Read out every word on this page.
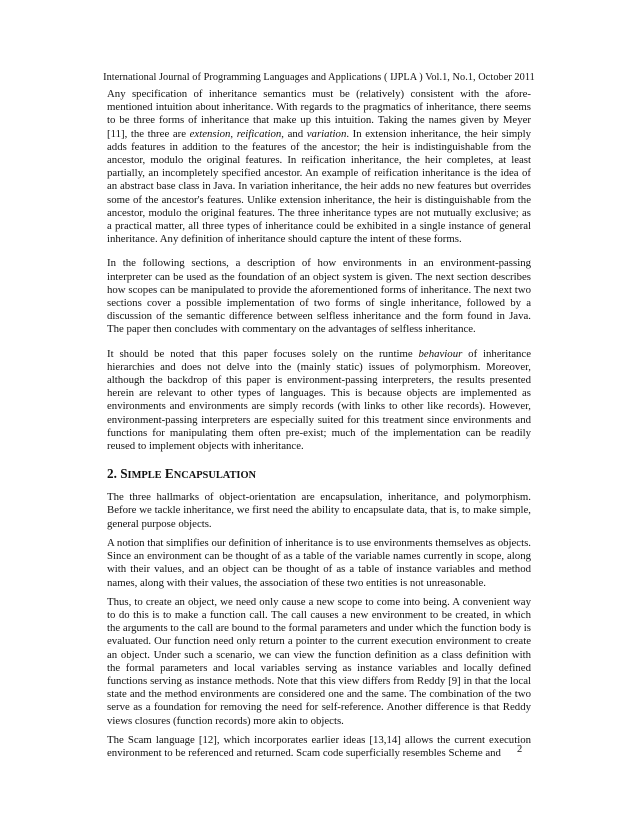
International Journal of Programming Languages and Applications ( IJPLA ) Vol.1, No.1, October 2011

Any specification of inheritance semantics must be (relatively) consistent with the afore-mentioned intuition about inheritance. With regards to the pragmatics of inheritance, there seems to be three forms of inheritance that make up this intuition. Taking the names given by Meyer [11], the three are extension, reification, and variation. In extension inheritance, the heir simply adds features in addition to the features of the ancestor; the heir is indistinguishable from the ancestor, modulo the original features. In reification inheritance, the heir completes, at least partially, an incompletely specified ancestor. An example of reification inheritance is the idea of an abstract base class in Java. In variation inheritance, the heir adds no new features but overrides some of the ancestor's features. Unlike extension inheritance, the heir is distinguishable from the ancestor, modulo the original features. The three inheritance types are not mutually exclusive; as a practical matter, all three types of inheritance could be exhibited in a single instance of general inheritance. Any definition of inheritance should capture the intent of these forms.

In the following sections, a description of how environments in an environment-passing interpreter can be used as the foundation of an object system is given. The next section describes how scopes can be manipulated to provide the aforementioned forms of inheritance. The next two sections cover a possible implementation of two forms of single inheritance, followed by a discussion of the semantic difference between selfless inheritance and the form found in Java. The paper then concludes with commentary on the advantages of selfless inheritance.

It should be noted that this paper focuses solely on the runtime behaviour of inheritance hierarchies and does not delve into the (mainly static) issues of polymorphism. Moreover, although the backdrop of this paper is environment-passing interpreters, the results presented herein are relevant to other types of languages. This is because objects are implemented as environments and environments are simply records (with links to other like records). However, environment-passing interpreters are especially suited for this treatment since environments and functions for manipulating them often pre-exist; much of the implementation can be readily reused to implement objects with inheritance.

2. SIMPLE ENCAPSULATION

The three hallmarks of object-orientation are encapsulation, inheritance, and polymorphism. Before we tackle inheritance, we first need the ability to encapsulate data, that is, to make simple, general purpose objects.

A notion that simplifies our definition of inheritance is to use environments themselves as objects. Since an environment can be thought of as a table of the variable names currently in scope, along with their values, and an object can be thought of as a table of instance variables and method names, along with their values, the association of these two entities is not unreasonable.

Thus, to create an object, we need only cause a new scope to come into being. A convenient way to do this is to make a function call. The call causes a new environment to be created, in which the arguments to the call are bound to the formal parameters and under which the function body is evaluated. Our function need only return a pointer to the current execution environment to create an object. Under such a scenario, we can view the function definition as a class definition with the formal parameters and local variables serving as instance variables and locally defined functions serving as instance methods. Note that this view differs from Reddy [9] in that the local state and the method environments are considered one and the same. The combination of the two serve as a foundation for removing the need for self-reference. Another difference is that Reddy views closures (function records) more akin to objects.

The Scam language [12], which incorporates earlier ideas [13,14] allows the current execution environment to be referenced and returned. Scam code superficially resembles Scheme and	2
